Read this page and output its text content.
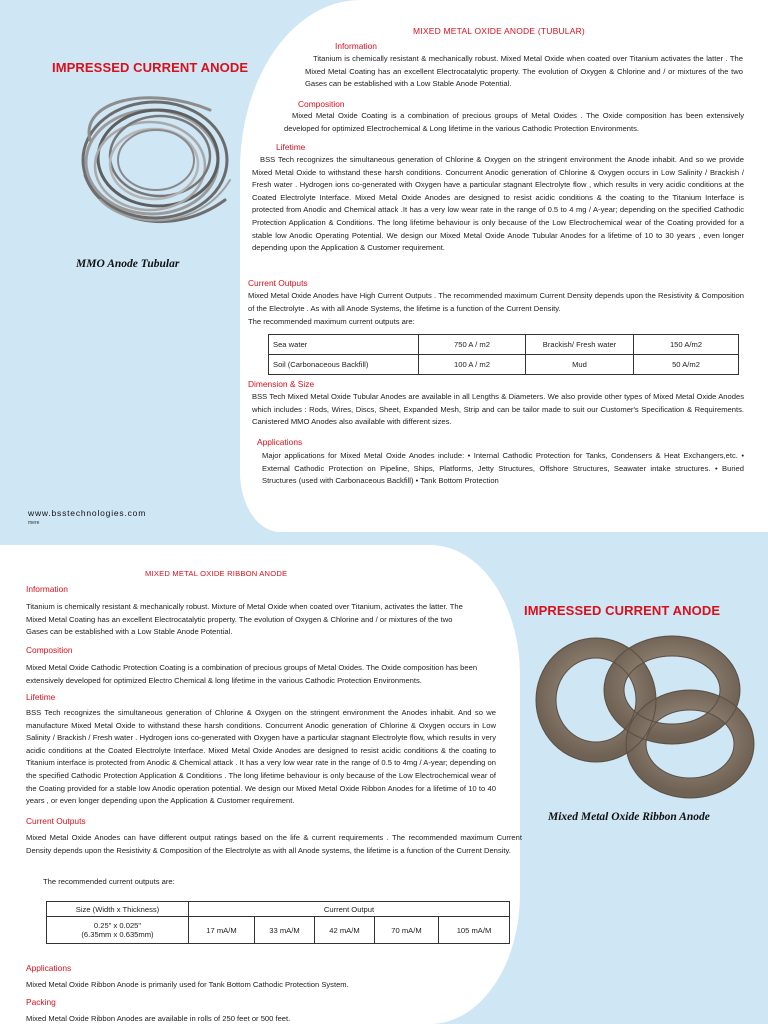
IMPRESSED CURRENT ANODE
MMO Anode Tubular
MIXED METAL OXIDE ANODE (TUBULAR)
Information
Titanium is chemically resistant & mechanically robust. Mixed Metal Oxide when coated over Titanium activates the latter . The Mixed Metal Coating has an excellent Electrocatalytic property. The evolution of Oxygen & Chlorine and / or mixtures of the two Gases can be established with a Low Stable Anode Potential.
Composition
Mixed Metal Oxide Coating is a combination of precious groups of Metal Oxides . The Oxide composition has been extensively developed for optimized Electrochemical & Long lifetime in the various Cathodic Protection Environments.
Lifetime
BSS Tech recognizes the simultaneous generation of Chlorine & Oxygen on the stringent environment the Anode inhabit. And so we provide Mixed Metal Oxide to withstand these harsh conditions. Concurrent Anodic generation of Chlorine & Oxygen occurs in Low Salinity / Brackish / Fresh water . Hydrogen ions co-generated with Oxygen have a particular stagnant Electrolyte flow , which results in very acidic conditions at the Coated Electrolyte Interface. Mixed Metal Oxide Anodes are designed to resist acidic conditions & the coating to the Titanium Interface is protected from Anodic and Chemical attack .It has a very low wear rate in the range of 0.5 to 4 mg / A-year; depending on the specified Cathodic Protection Application & Conditions. The long lifetime behaviour is only because of the Low Electrochemical wear of the Coating provided for a stable low Anodic Operating Potential. We design our Mixed Metal Oxide Anode Tubular Anodes for a lifetime of 10 to 30 years , even longer depending upon the Application & Customer requirement.
Current Outputs
Mixed Metal Oxide Anodes have High Current Outputs . The recommended maximum Current Density depends upon the Resistivity & Composition of the Electrolyte . As with all Anode Systems, the lifetime is a function of the Current Density.
The recommended maximum current outputs are:
Sea water	750 A / m2	Brackish/ Fresh water	150 A/m2
Soil (Carbonaceous Backfill)	100 A / m2	Mud	50 A/m2
Dimension & Size
BSS Tech Mixed Metal Oxide Tubular Anodes are available in all Lengths & Diameters. We also provide other types of Mixed Metal Oxide Anodes which includes : Rods, Wires, Discs, Sheet, Expanded Mesh, Strip and can be tailor made to suit our Customer's Specification & Requirements. Canistered MMO Anodes also available with different sizes.
Applications
Major applications for Mixed Metal Oxide Anodes include: • Internal Cathodic Protection for Tanks, Condensers & Heat Exchangers,etc. • External Cathodic Protection on Pipeline, Ships, Platforms, Jetty Structures, Offshore Structures, Seawater intake structures. • Buried Structures (used with Carbonaceous Backfill) • Tank Bottom Protection
www.bsstechnologies.com
mere
MIXED METAL OXIDE RIBBON ANODE
Information
Titanium is chemically resistant & mechanically robust. Mixture of Metal Oxide when coated over Titanium, activates the latter. The Mixed Metal Coating has an excellent Electrocatalytic property. The evolution of Oxygen & Chlorine and / or mixtures of the two Gases can be established with a Low Stable Anode Potential.
Composition
Mixed Metal Oxide Cathodic Protection Coating is a combination of precious groups of Metal Oxides. The Oxide composition has been extensively developed for optimized Electro Chemical & long lifetime in the various Cathodic Protection Environments.
Lifetime
BSS Tech recognizes the simultaneous generation of Chlorine & Oxygen on the stringent environment the Anodes inhabit. And so we manufacture Mixed Metal Oxide to withstand these harsh conditions. Concurrent Anodic generation of Chlorine & Oxygen occurs in Low Salinity / Brackish / Fresh water . Hydrogen ions co-generated with Oxygen have a particular stagnant Electrolyte flow, which results in very acidic conditions at the Coated Electrolyte Interface. Mixed Metal Oxide Anodes are designed to resist acidic conditions & the coating to Titanium interface is protected from Anodic & Chemical attack . It has a very low wear rate in the range of 0.5 to 4mg / A-year; depending on the specified Cathodic Protection Application & Conditions . The long lifetime behaviour is only because of the Low Electrochemical wear of the Coating provided for a stable low Anodic operation potential. We design our Mixed Metal Oxide Ribbon Anodes for a lifetime of 10 to 40 years , or even longer depending upon the Application & Customer requirement.
Current Outputs
Mixed Metal Oxide Anodes can have different output ratings based on the life & current requirements . The recommended maximum Current Density depends upon the Resistivity & Composition of the Electrolyte as with all Anode systems, the lifetime is a function of the Current Density.
The recommended current outputs are:
Size (Width x Thickness)	Current Output				

0.25" x 0.025"
(6.35mm x 0.635mm)	17 mA/M	33 mA/M	42 mA/M	70 mA/M	105 mA/M
Applications
Mixed Metal Oxide Ribbon Anode is primarily used for Tank Bottom Cathodic Protection System.
Packing
Mixed Metal Oxide Ribbon Anodes are available in rolls of 250 feet or 500 feet.
IMPRESSED CURRENT ANODE
Mixed Metal Oxide Ribbon Anode
